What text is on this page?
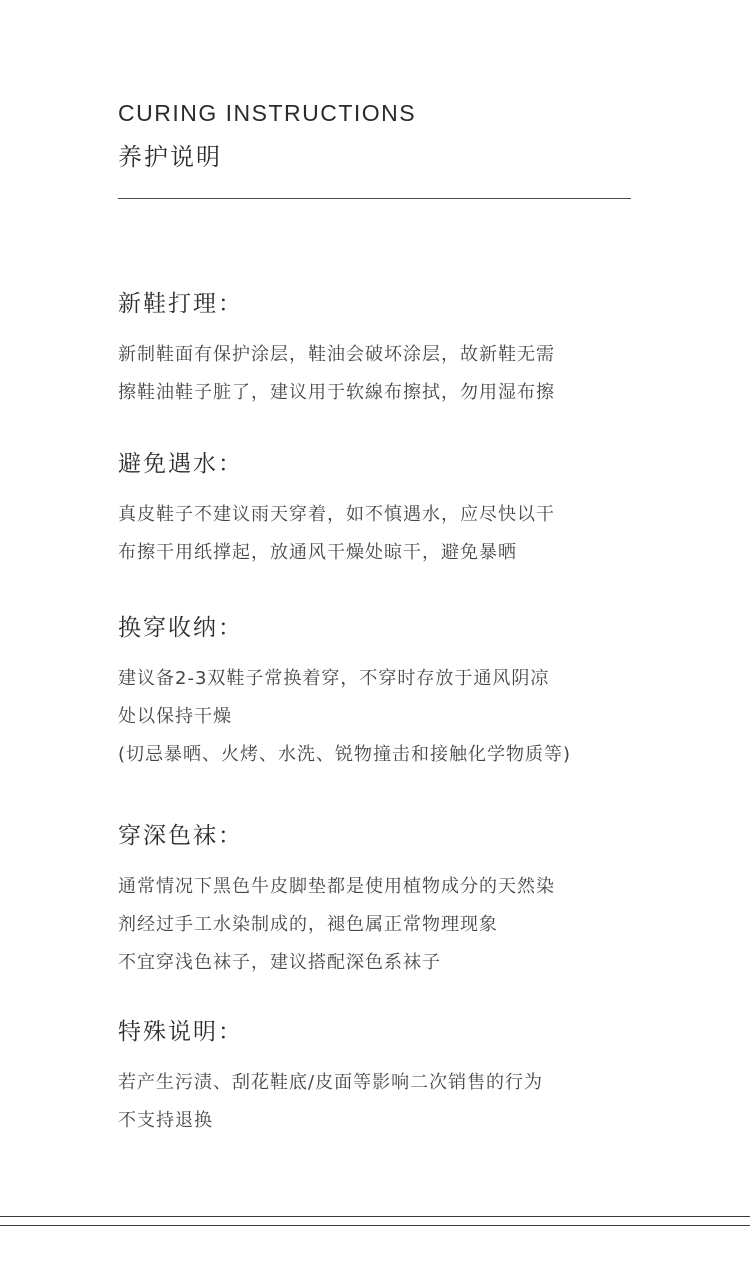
CURING INSTRUCTIONS
养护说明
新鞋打理：
新制鞋面有保护涂层，鞋油会破坏涂层，故新鞋无需
擦鞋油鞋子脏了，建议用于软線布擦拭，勿用湿布擦
避免遇水：
真皮鞋子不建议雨天穿着，如不慎遇水，应尽快以干
布擦干用纸撑起，放通风干燥处晾干，避免暴晒
换穿收纳：
建议备2-3双鞋子常换着穿，不穿时存放于通风阴凉
处以保持干燥
(切忌暴晒、火烤、水洗、锐物撞击和接触化学物质等)
穿深色袜：
通常情况下黑色牛皮脚垫都是使用植物成分的天然染
剂经过手工水染制成的，褪色属正常物理现象
不宜穿浅色袜子，建议搭配深色系袜子
特殊说明：
若产生污渍、刮花鞋底/皮面等影响二次销售的行为
不支持退换
